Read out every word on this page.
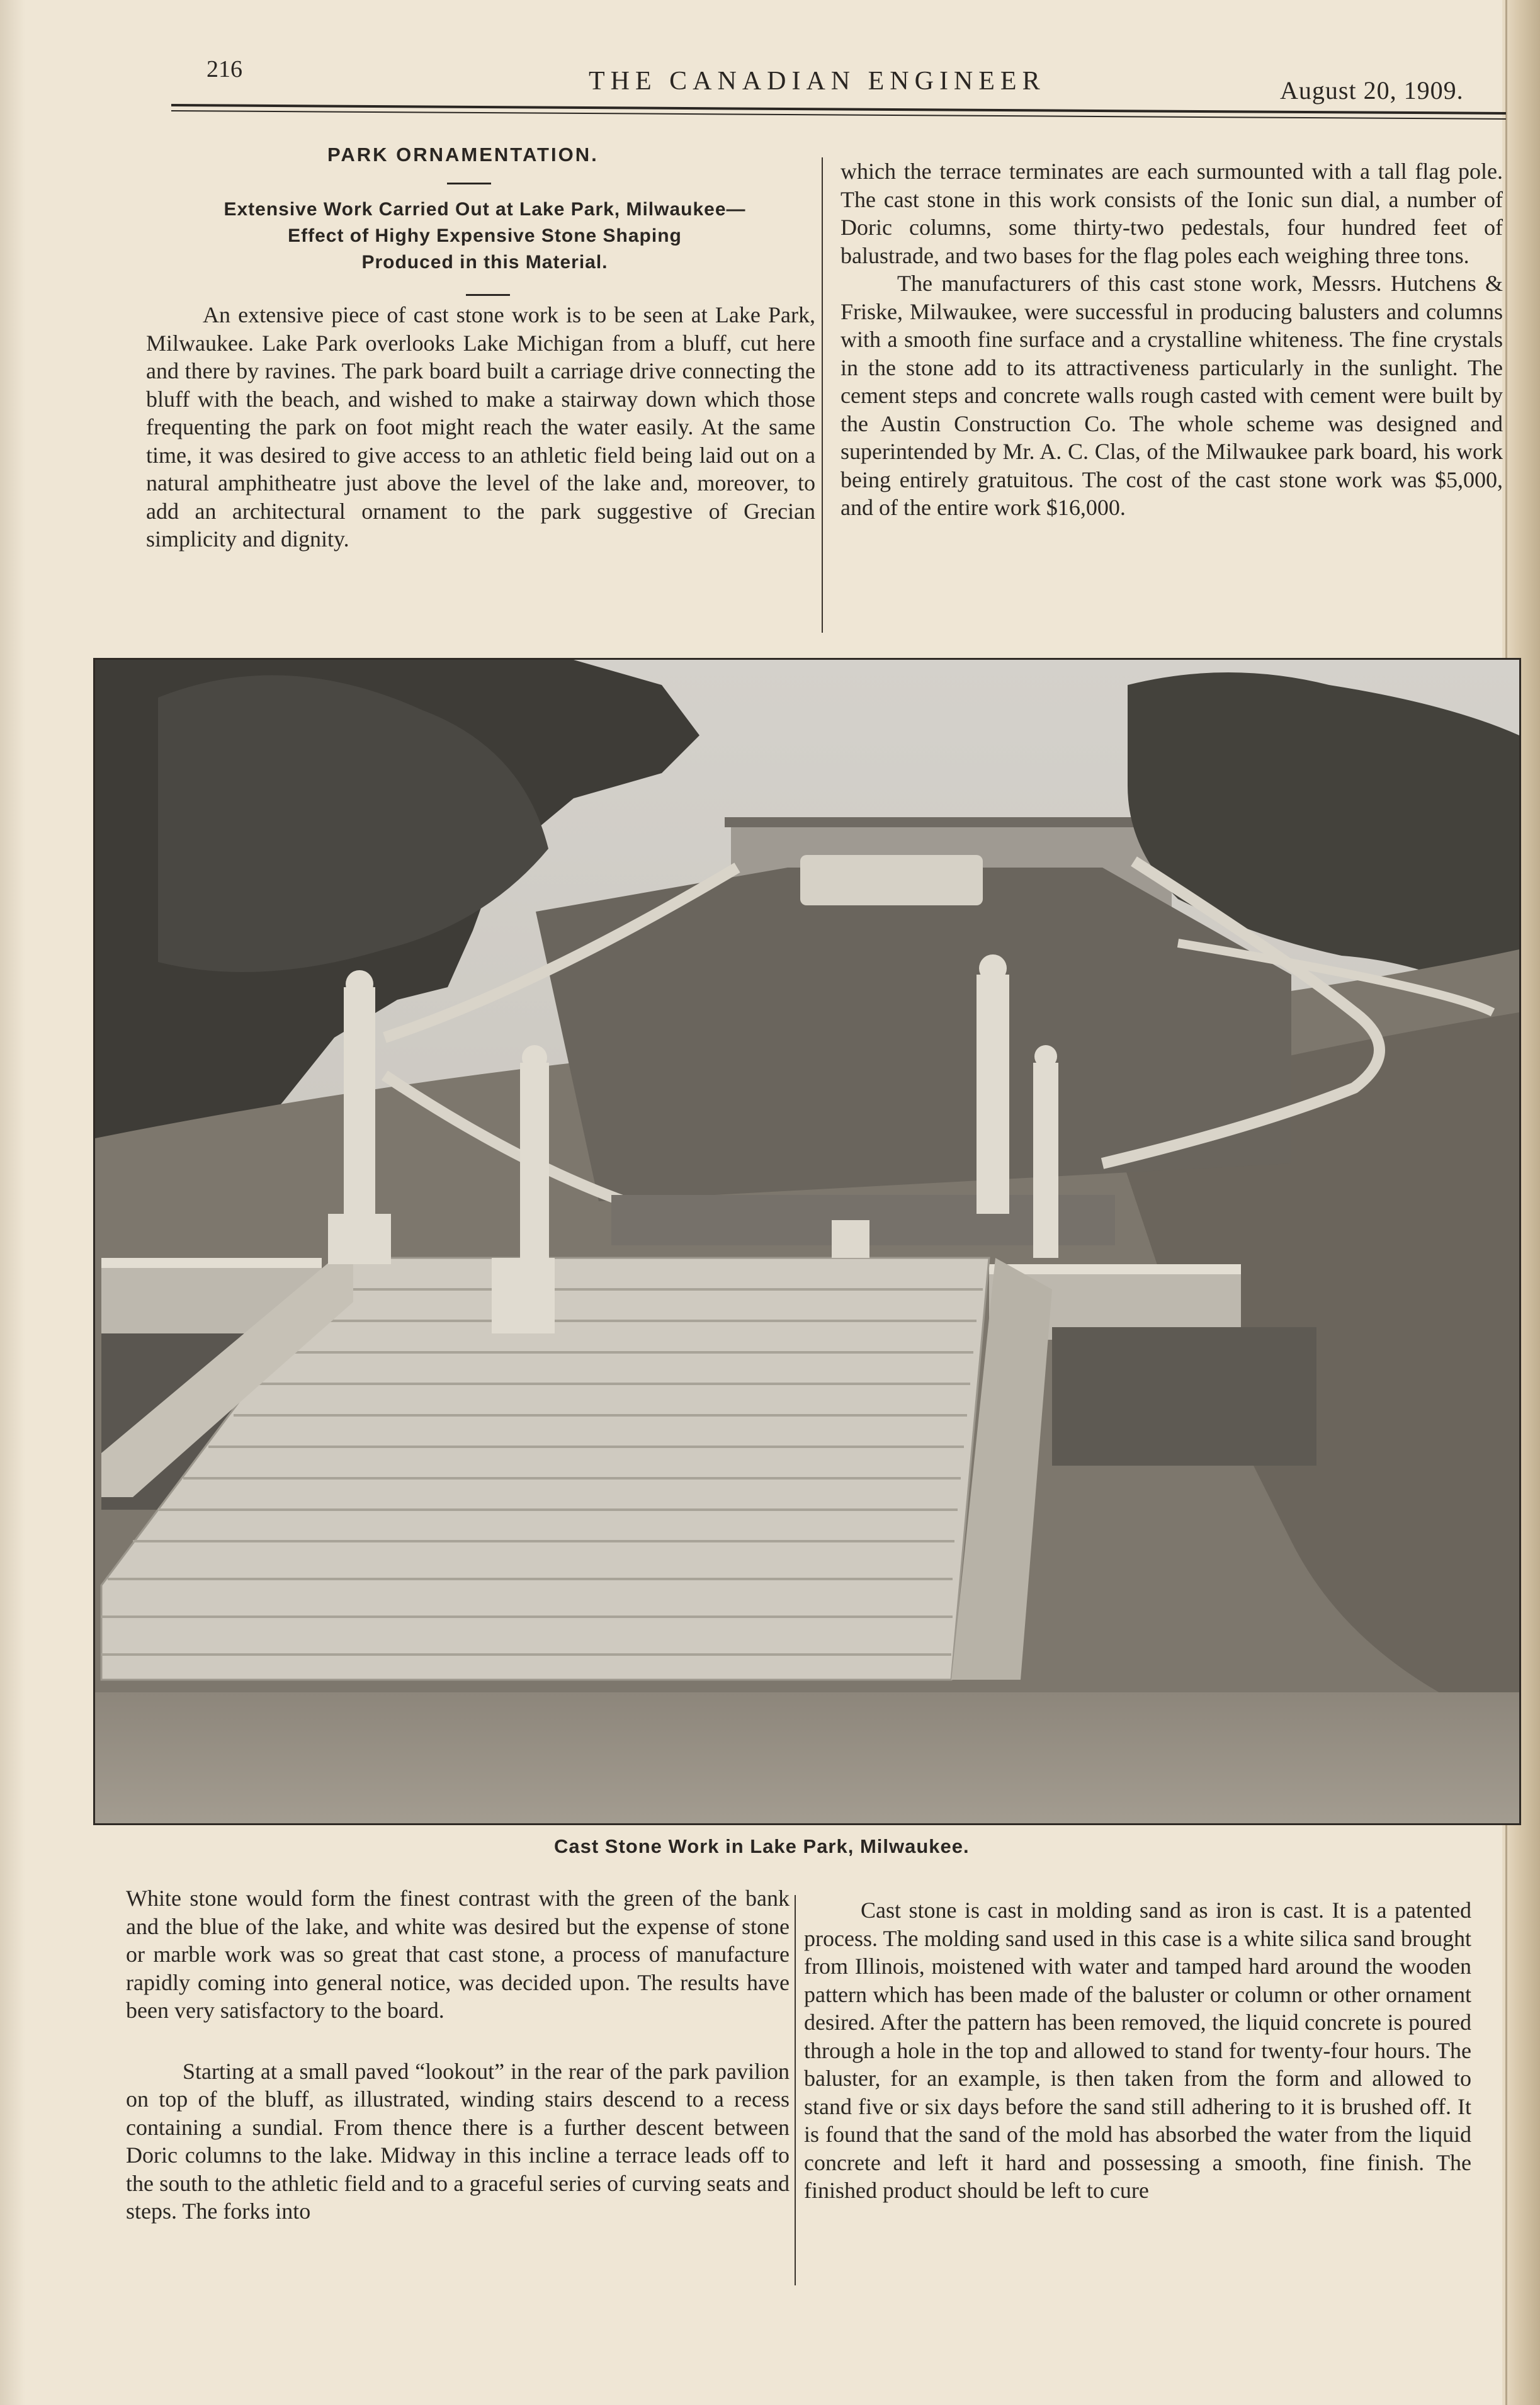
216	THE CANADIAN ENGINEER	August 20, 1909.
PARK ORNAMENTATION.
Extensive Work Carried Out at Lake Park, Milwaukee—
Effect of Highy Expensive Stone Shaping
Produced in this Material.

An extensive piece of cast stone work is to be seen at Lake Park, Milwaukee. Lake Park overlooks Lake Michigan from a bluff, cut here and there by ravines. The park board built a carriage drive connecting the bluff with the beach, and wished to make a stairway down which those frequenting the park on foot might reach the water easily. At the same time, it was desired to give access to an athletic field being laid out on a natural amphitheatre just above the level of the lake and, moreover, to add an architectural ornament to the park suggestive of Grecian simplicity and dignity.

which the terrace terminates are each surmounted with a tall flag pole. The cast stone in this work consists of the Ionic sun dial, a number of Doric columns, some thirty-two pedestals, four hundred feet of balustrade, and two bases for the flag poles each weighing three tons.

The manufacturers of this cast stone work, Messrs. Hutchens & Friske, Milwaukee, were successful in producing balusters and columns with a smooth fine surface and a crystalline whiteness. The fine crystals in the stone add to its attractiveness particularly in the sunlight. The cement steps and concrete walls rough casted with cement were built by the Austin Construction Co. The whole scheme was designed and superintended by Mr. A. C. Clas, of the Milwaukee park board, his work being entirely gratuitous. The cost of the cast stone work was $5,000, and of the entire work $16,000.

Cast Stone Work in Lake Park, Milwaukee.

White stone would form the finest contrast with the green of the bank and the blue of the lake, and white was desired but the expense of stone or marble work was so great that cast stone, a process of manufacture rapidly coming into general notice, was decided upon. The results have been very satisfactory to the board.

Starting at a small paved “lookout” in the rear of the park pavilion on top of the bluff, as illustrated, winding stairs descend to a recess containing a sundial. From thence there is a further descent between Doric columns to the lake. Midway in this incline a terrace leads off to the south to the athletic field and to a graceful series of curving seats and steps. The forks into

Cast stone is cast in molding sand as iron is cast. It is a patented process. The molding sand used in this case is a white silica sand brought from Illinois, moistened with water and tamped hard around the wooden pattern which has been made of the baluster or column or other ornament desired. After the pattern has been removed, the liquid concrete is poured through a hole in the top and allowed to stand for twenty-four hours. The baluster, for an example, is then taken from the form and allowed to stand five or six days before the sand still adhering to it is brushed off. It is found that the sand of the mold has absorbed the water from the liquid concrete and left it hard and possessing a smooth, fine finish. The finished product should be left to cure
